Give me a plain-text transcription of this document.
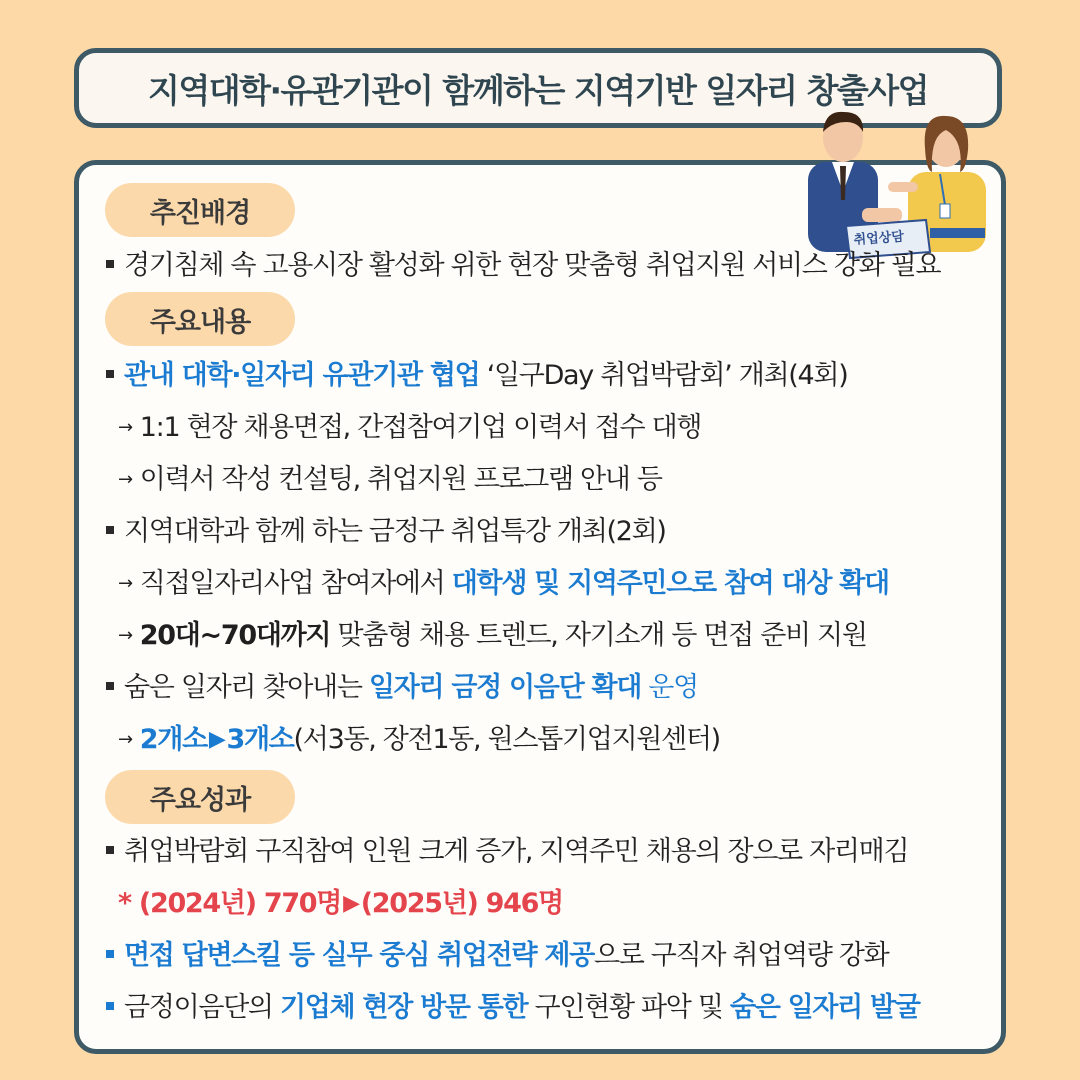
지역대학·유관기관이 함께하는 지역기반 일자리 창출사업
취업상담
추진배경
경기침체 속 고용시장 활성화 위한 현장 맞춤형 취업지원 서비스 강화 필요
주요내용
관내 대학·일자리 유관기관 협업 ‘일구Day 취업박람회’ 개최(4회)
→ 1:1 현장 채용면접, 간접참여기업 이력서 접수 대행
→ 이력서 작성 컨설팅, 취업지원 프로그램 안내 등
지역대학과 함께 하는 금정구 취업특강 개최(2회)
→ 직접일자리사업 참여자에서 대학생 및 지역주민으로 참여 대상 확대
→ 20대~70대까지 맞춤형 채용 트렌드, 자기소개 등 면접 준비 지원
숨은 일자리 찾아내는 일자리 금정 이음단 확대 운영
→ 2개소▶3개소(서3동, 장전1동, 원스톱기업지원센터)
주요성과
취업박람회 구직참여 인원 크게 증가, 지역주민 채용의 장으로 자리매김
* (2024년) 770명▶(2025년) 946명
면접 답변스킬 등 실무 중심 취업전략 제공으로 구직자 취업역량 강화
금정이음단의 기업체 현장 방문 통한 구인현황 파악 및 숨은 일자리 발굴
